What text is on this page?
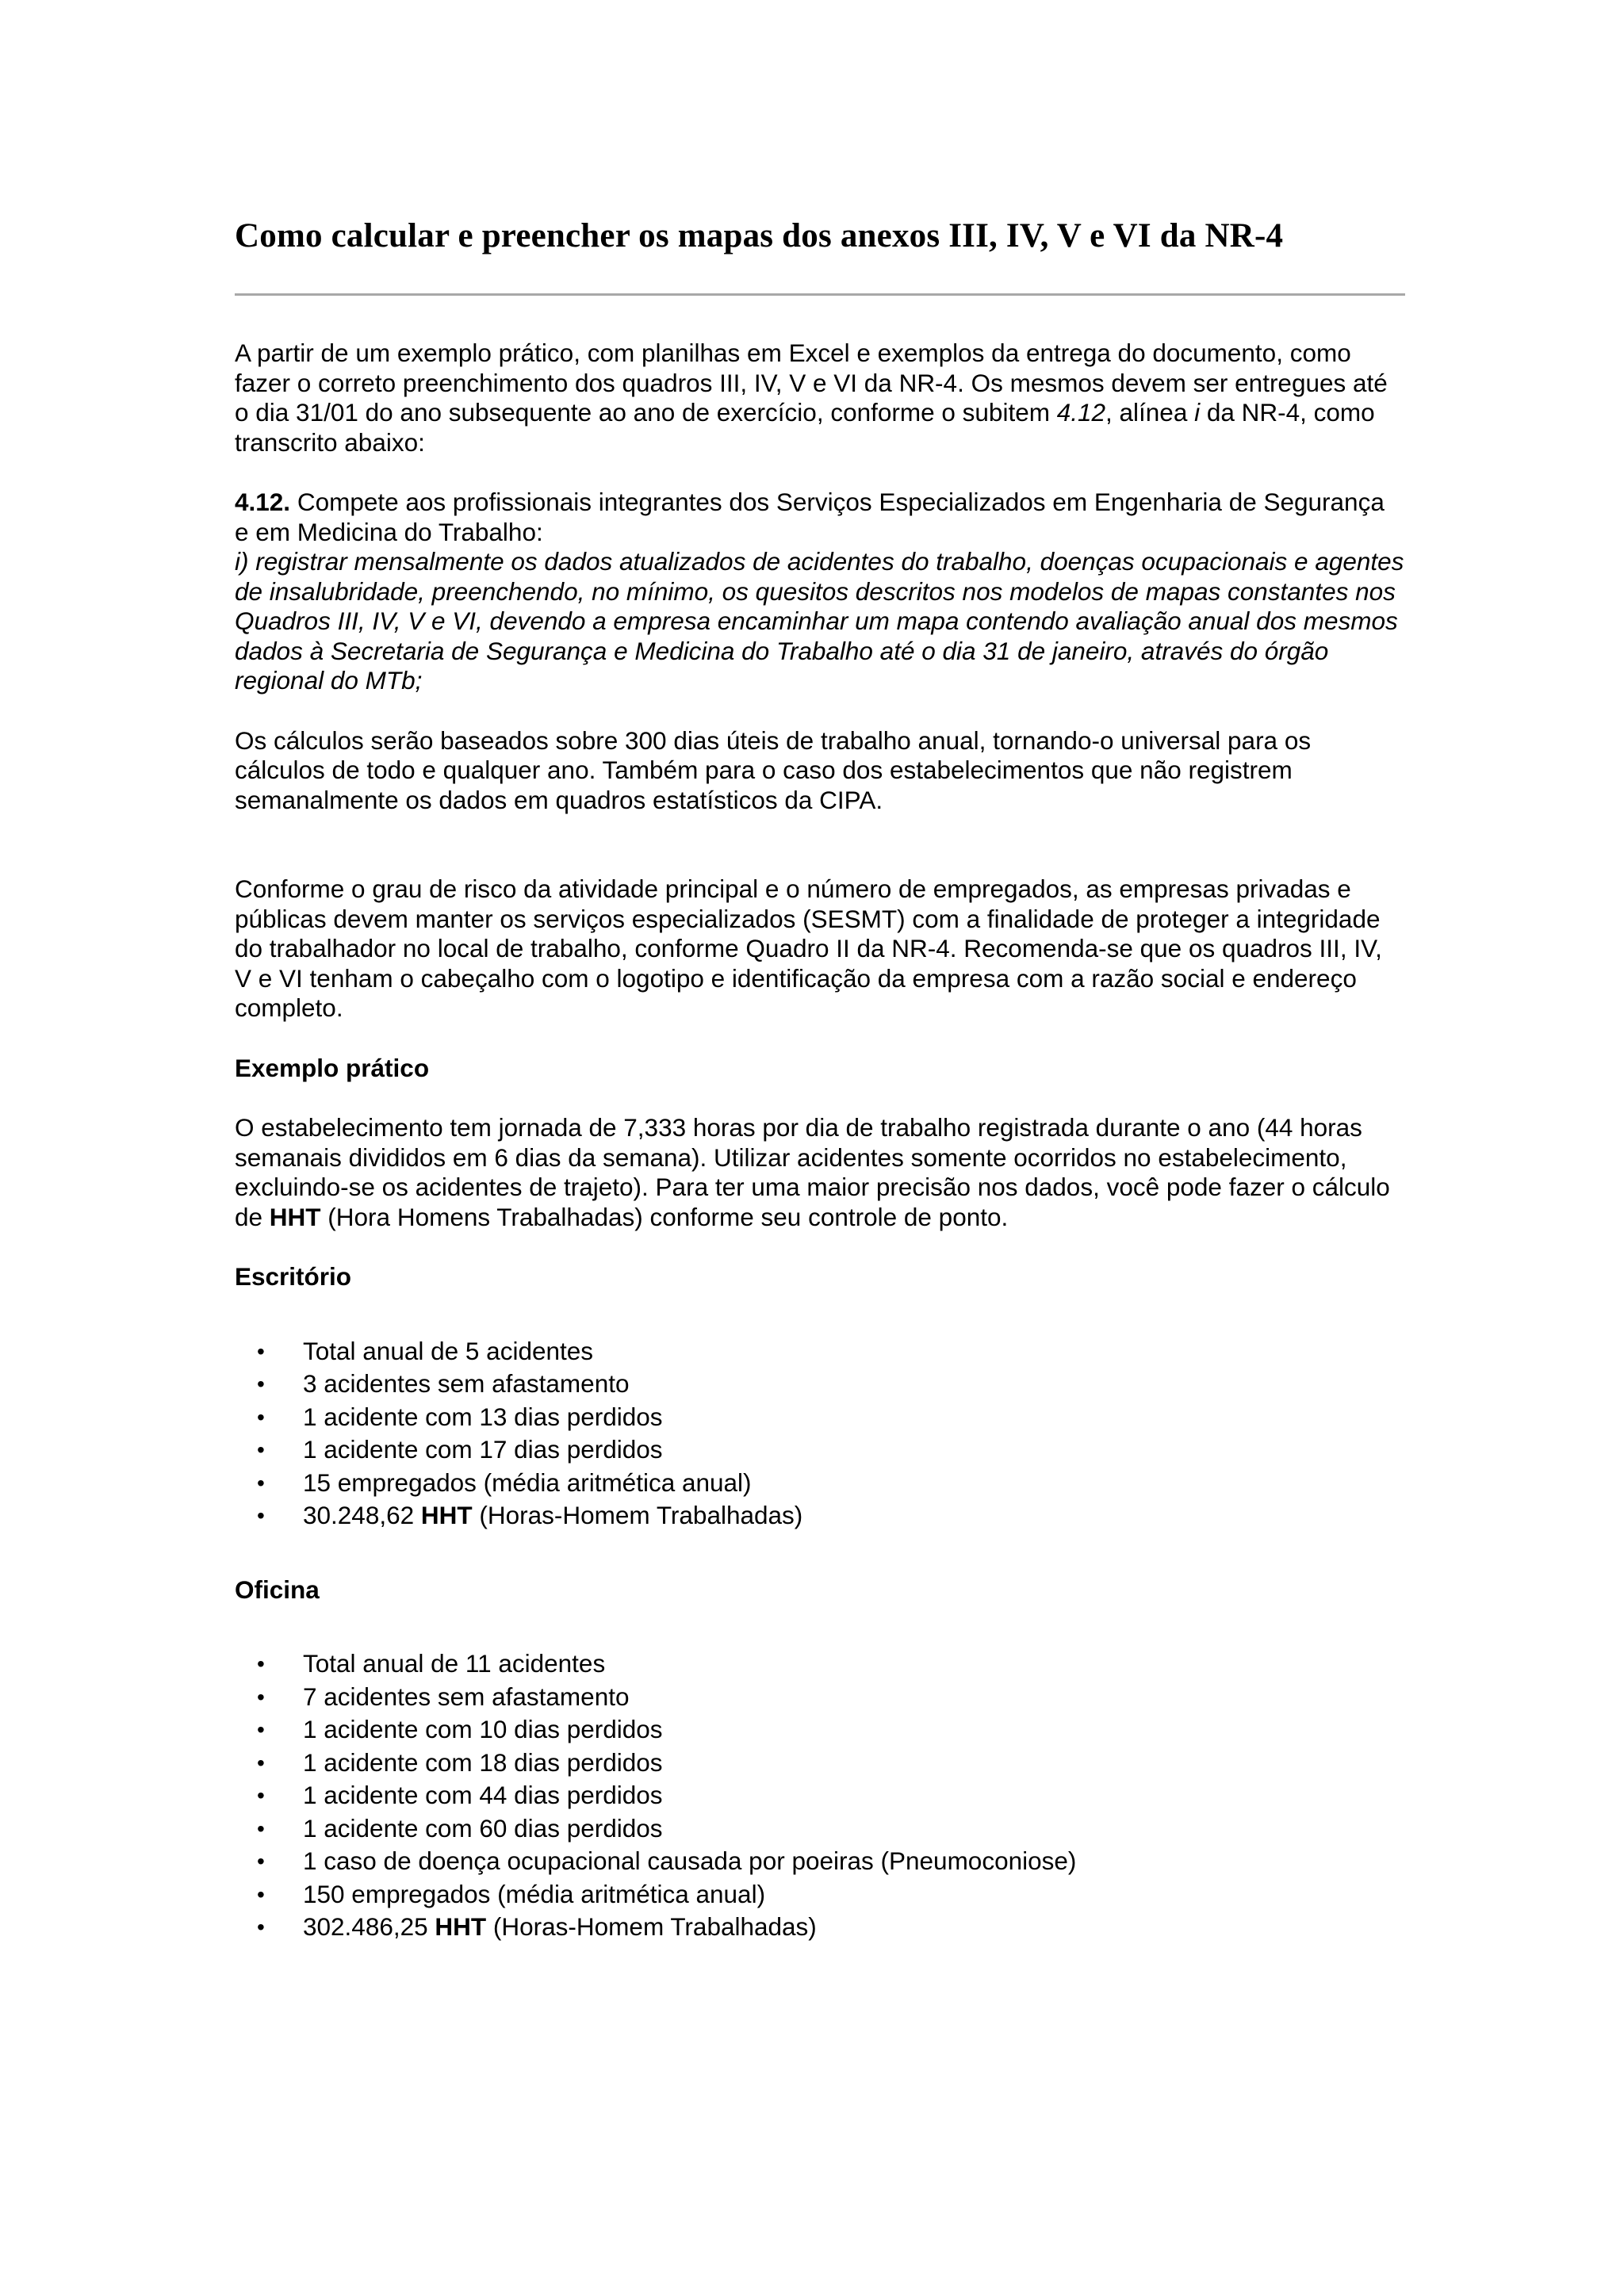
Como calcular e preencher os mapas dos anexos III, IV, V e VI da NR-4

A partir de um exemplo prático, com planilhas em Excel e exemplos da entrega do documento, como fazer o correto preenchimento dos quadros III, IV, V e VI da NR-4. Os mesmos devem ser entregues até o dia 31/01 do ano subsequente ao ano de exercício, conforme o subitem 4.12, alínea i da NR-4, como transcrito abaixo:

4.12. Compete aos profissionais integrantes dos Serviços Especializados em Engenharia de Segurança e em Medicina do Trabalho:

i) registrar mensalmente os dados atualizados de acidentes do trabalho, doenças ocupacionais e agentes de insalubridade, preenchendo, no mínimo, os quesitos descritos nos modelos de mapas constantes nos Quadros III, IV, V e VI, devendo a empresa encaminhar um mapa contendo avaliação anual dos mesmos dados à Secretaria de Segurança e Medicina do Trabalho até o dia 31 de janeiro, através do órgão regional do MTb;

Os cálculos serão baseados sobre 300 dias úteis de trabalho anual, tornando-o universal para os cálculos de todo e qualquer ano. Também para o caso dos estabelecimentos que não registrem semanalmente os dados em quadros estatísticos da CIPA.

Conforme o grau de risco da atividade principal e o número de empregados, as empresas privadas e públicas devem manter os serviços especializados (SESMT) com a finalidade de proteger a integridade do trabalhador no local de trabalho, conforme Quadro II da NR-4. Recomenda-se que os quadros III, IV, V e VI tenham o cabeçalho com o logotipo e identificação da empresa com a razão social e endereço completo.

Exemplo prático

O estabelecimento tem jornada de 7,333 horas por dia de trabalho registrada durante o ano (44 horas semanais divididos em 6 dias da semana). Utilizar acidentes somente ocorridos no estabelecimento, excluindo-se os acidentes de trajeto). Para ter uma maior precisão nos dados, você pode fazer o cálculo de HHT (Hora Homens Trabalhadas) conforme seu controle de ponto.

Escritório

• Total anual de 5 acidentes
• 3 acidentes sem afastamento
• 1 acidente com 13 dias perdidos
• 1 acidente com 17 dias perdidos
• 15 empregados (média aritmética anual)
• 30.248,62 HHT (Horas-Homem Trabalhadas)

Oficina

• Total anual de 11 acidentes
• 7 acidentes sem afastamento
• 1 acidente com 10 dias perdidos
• 1 acidente com 18 dias perdidos
• 1 acidente com 44 dias perdidos
• 1 acidente com 60 dias perdidos
• 1 caso de doença ocupacional causada por poeiras (Pneumoconiose)
• 150 empregados (média aritmética anual)
• 302.486,25 HHT (Horas-Homem Trabalhadas)
